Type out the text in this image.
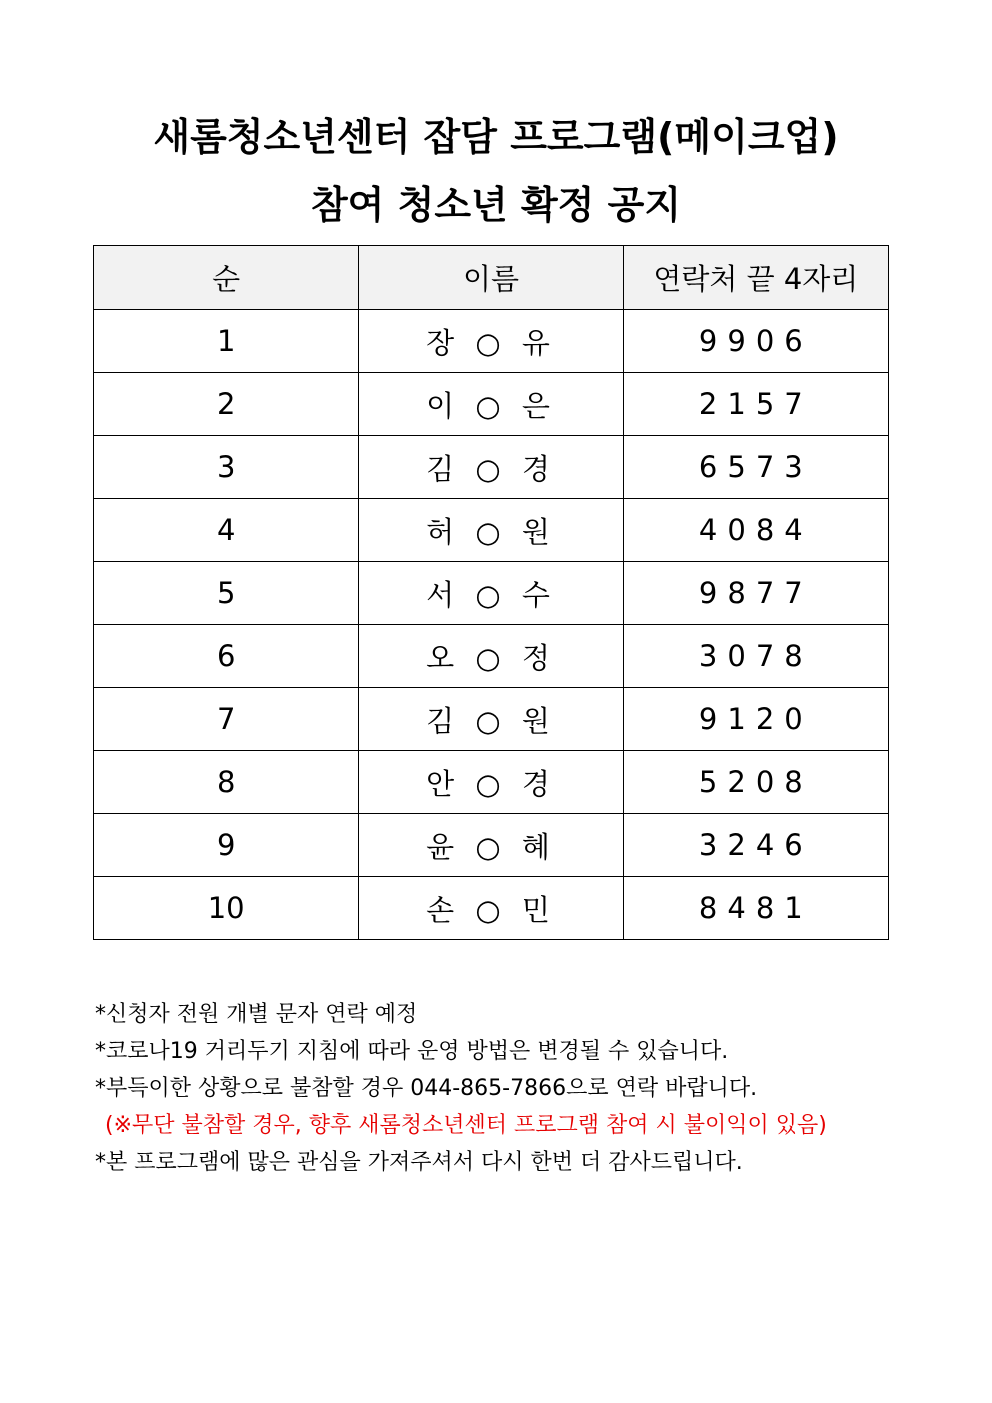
새롬청소년센터 잡담 프로그램(메이크업)
참여 청소년 확정 공지
순	이름	연락처 끝 4자리
1	장 ○ 유	9906
2	이 ○ 은	2157
3	김 ○ 경	6573
4	허 ○ 원	4084
5	서 ○ 수	9877
6	오 ○ 정	3078
7	김 ○ 원	9120
8	안 ○ 경	5208
9	윤 ○ 혜	3246
10	손 ○ 민	8481
*신청자 전원 개별 문자 연락 예정
*코로나19 거리두기 지침에 따라 운영 방법은 변경될 수 있습니다.
*부득이한 상황으로 불참할 경우 044-865-7866으로 연락 바랍니다.
(※무단 불참할 경우, 향후 새롬청소년센터 프로그램 참여 시 불이익이 있음)
*본 프로그램에 많은 관심을 가져주셔서 다시 한번 더 감사드립니다.
